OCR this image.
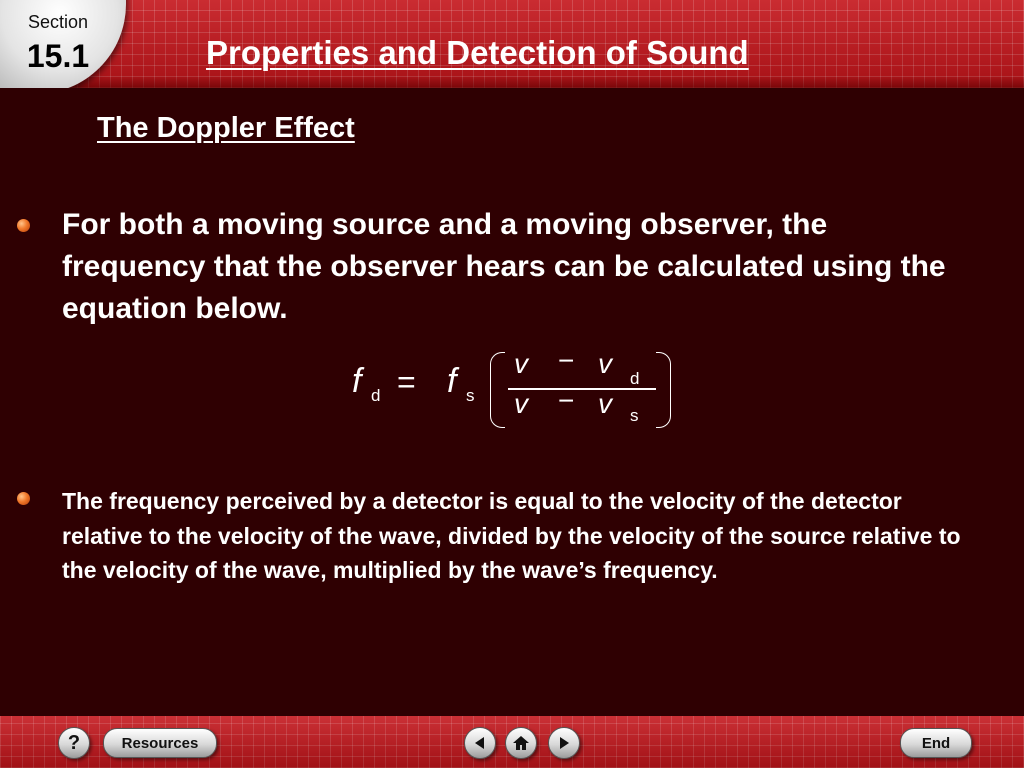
Section
15.1	Properties and Detection of Sound
The Doppler Effect
For both a moving source and a moving observer, the frequency that the observer hears can be calculated using the equation below.
f d = f s
v − v d
v − v s
The frequency perceived by a detector is equal to the velocity of the detector relative to the velocity of the wave, divided by the velocity of the source relative to the velocity of the wave, multiplied by the wave’s frequency.
?	Resources	End
